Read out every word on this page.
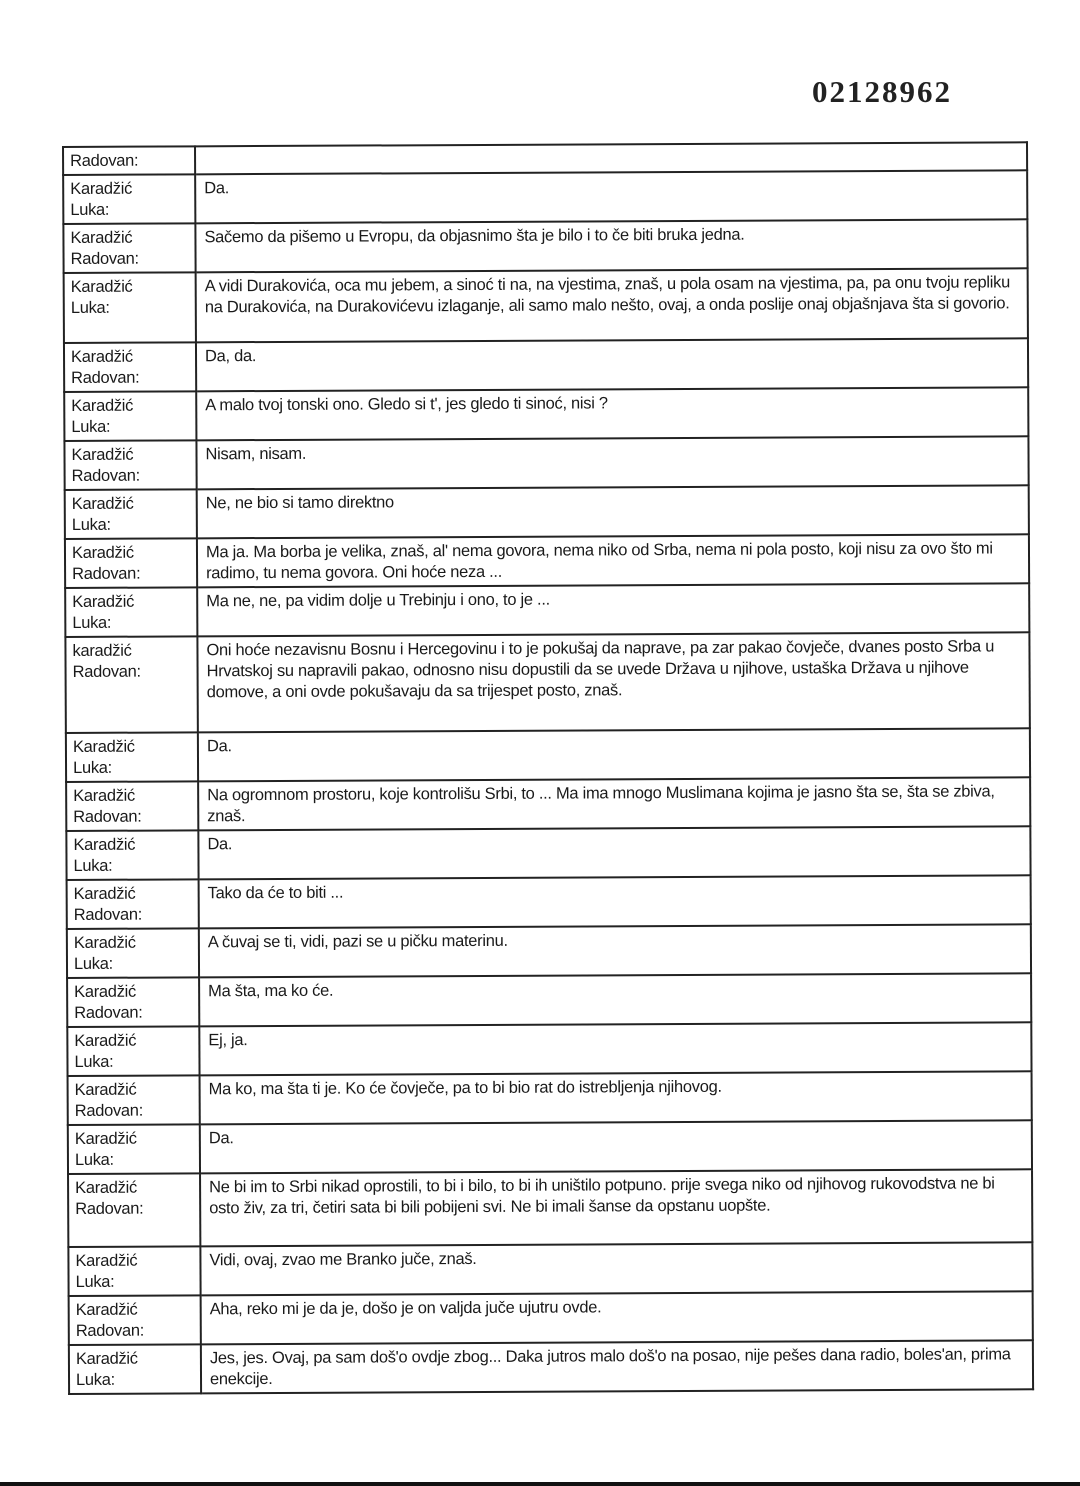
02128962
Radovan:	

Karadžić
Luka:	Da.

Karadžić
Radovan:	Sačemo da pišemo u Evropu, da objasnimo šta je bilo i to če biti bruka jedna.

Karadžić
Luka:	A vidi Durakovića, oca mu jebem, a sinoć ti na, na vjestima, znaš, u pola osam na vjestima, pa, pa onu tvoju repliku na Durakovića, na Durakovićevu izlaganje, ali samo malo nešto, ovaj, a onda poslije onaj objašnjava šta si govorio.

Karadžić
Radovan:	Da, da.

Karadžić
Luka:	A malo tvoj tonski ono. Gledo si t', jes gledo ti sinoć, nisi ?

Karadžić
Radovan:	Nisam, nisam.

Karadžić
Luka:	Ne, ne bio si tamo direktno

Karadžić
Radovan:	Ma ja. Ma borba je velika, znaš, al' nema govora, nema niko od Srba, nema ni pola posto, koji nisu za ovo što mi radimo, tu nema govora. Oni hoće neza ...

Karadžić
Luka:	Ma ne, ne, pa vidim dolje u Trebinju i ono, to je ...

karadžić
Radovan:	Oni hoće nezavisnu Bosnu i Hercegovinu i to je pokušaj da naprave, pa zar pakao čovječe, dvanes posto Srba u Hrvatskoj su napravili pakao, odnosno nisu dopustili da se uvede Država u njihove, ustaška Država u njihove domove, a oni ovde pokušavaju da sa trijespet posto, znaš.

Karadžić
Luka:	Da.

Karadžić
Radovan:	Na ogromnom prostoru, koje kontrolišu Srbi, to ... Ma ima mnogo Muslimana kojima je jasno šta se, šta se zbiva, znaš.

Karadžić
Luka:	Da.

Karadžić
Radovan:	Tako da će to biti ...

Karadžić
Luka:	A čuvaj se ti, vidi, pazi se u pičku materinu.

Karadžić
Radovan:	Ma šta, ma ko će.

Karadžić
Luka:	Ej, ja.

Karadžić
Radovan:	Ma ko, ma šta ti je. Ko će čovječe, pa to bi bio rat do istrebljenja njihovog.

Karadžić
Luka:	Da.

Karadžić
Radovan:	Ne bi im to Srbi nikad oprostili, to bi i bilo, to bi ih uništilo potpuno. prije svega niko od njihovog rukovodstva ne bi osto živ, za tri, četiri sata bi bili pobijeni svi. Ne bi imali šanse da opstanu uopšte.

Karadžić
Luka:	Vidi, ovaj, zvao me Branko juče, znaš.

Karadžić
Radovan:	Aha, reko mi je da je, došo je on valjda juče ujutru ovde.

Karadžić
Luka:	Jes, jes. Ovaj, pa sam doš'o ovdje zbog... Daka jutros malo doš'o na posao, nije pešes dana radio, boles'an, prima enekcije.
